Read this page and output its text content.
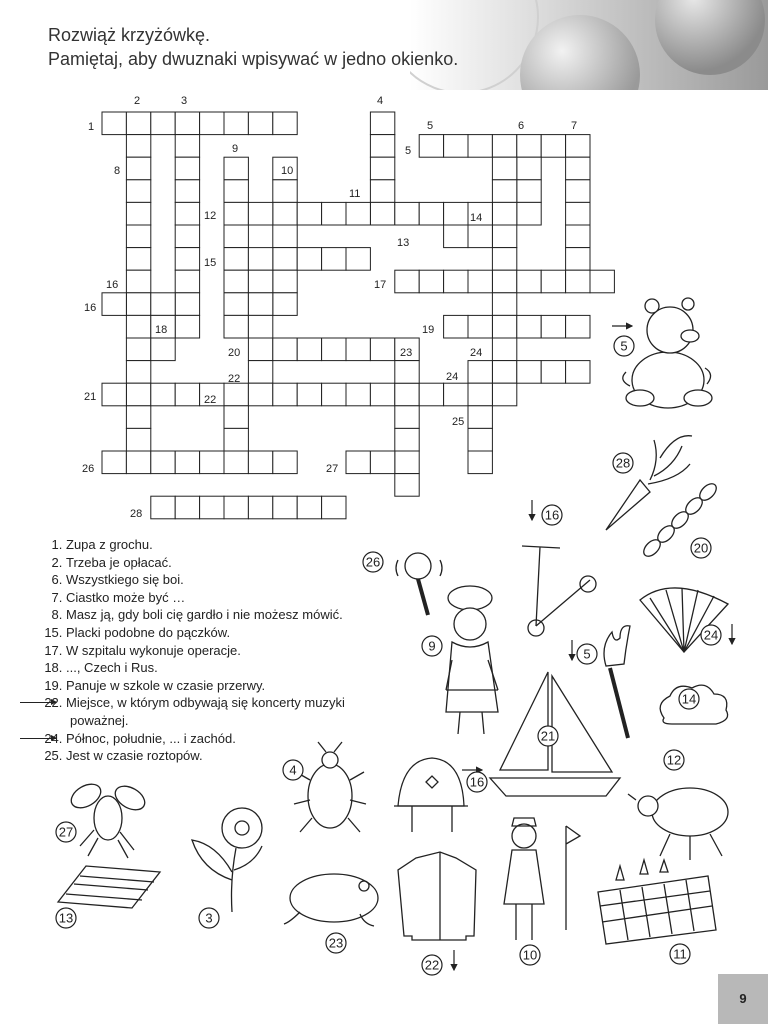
Rozwiąż krzyżówkę.
Pamiętaj, aby dwuznaki wpisywać w jedno okienko.
1
2	3	4
5
5
6	7
8
9
10
11
12
13
14
15
16
16
17
18	19
20
21
22
22
23	24
24
25
26	27
28
1. Zupa z grochu.
2. Trzeba je opłacać.
6. Wszystkiego się boi.
7. Ciastko może być …
8. Masz ją, gdy boli cię gardło i nie możesz mówić.
15. Placki podobne do pączków.
17. W szpitalu wykonuje operacje.
18. ..., Czech i Rus.
19. Panuje w szkole w czasie przerwy.
22. Miejsce, w którym odbywają się koncerty muzyki
poważnej.
24. Północ, południe, ... i zachód.
25. Jest w czasie roztopów.
5
28
20
16
26
24
9
5
14
21
12
4
16
27
3
13
23
22
10	11
9
